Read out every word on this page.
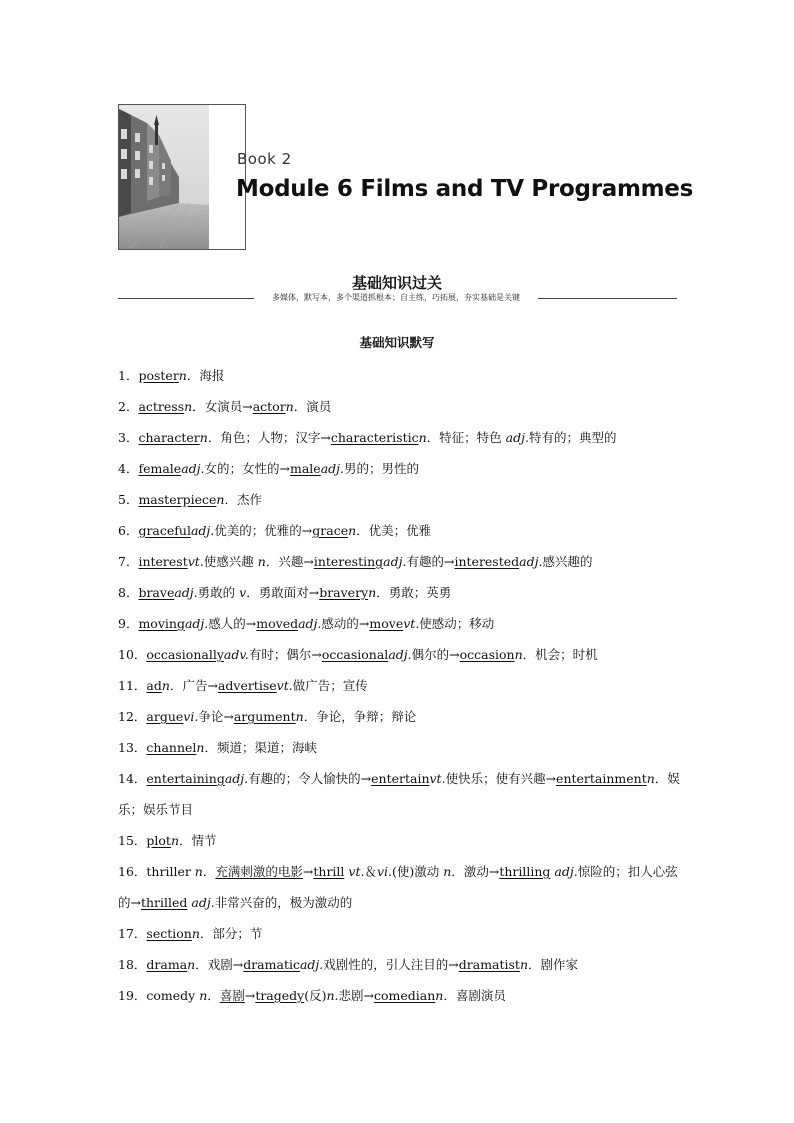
Book 2
Module 6 Films and TV Programmes
基础知识过关
多媒体，默写本，多个渠道抓根本；自主练，巧拓展，夯实基础是关键
基础知识默写

1．postern．海报

2．actressn．女演员→actorn．演员

3．charactern．角色；人物；汉字→characteristicn．特征；特色 adj.特有的；典型的

4．femaleadj.女的；女性的→maleadj.男的；男性的

5．masterpiecen．杰作

6．gracefuladj.优美的；优雅的→gracen．优美；优雅

7．interestvt.使感兴趣 n．兴趣→interestingadj.有趣的→interestedadj.感兴趣的

8．braveadj.勇敢的 v．勇敢面对→braveryn．勇敢；英勇

9．movingadj.感人的→movedadj.感动的→movevt.使感动；移动

10．occasionallyadv.有时；偶尔→occasionaladj.偶尔的→occasionn．机会；时机

11．adn．广告→advertisevt.做广告；宣传

12．arguevi.争论→argumentn．争论，争辩；辩论

13．channeln．频道；渠道；海峡

14．entertainingadj.有趣的；令人愉快的→entertainvt.使快乐；使有兴趣→entertainmentn．娱乐；娱乐节目

15．plotn．情节

16．thriller n．充满刺激的电影→thrill vt.＆vi.(使)激动 n．激动→thrilling adj.惊险的；扣人心弦的→thrilled adj.非常兴奋的，极为激动的

17．sectionn．部分；节

18．draman．戏剧→dramaticadj.戏剧性的，引人注目的→dramatistn．剧作家

19．comedy n．喜剧→tragedy(反)n.悲剧→comediann．喜剧演员
